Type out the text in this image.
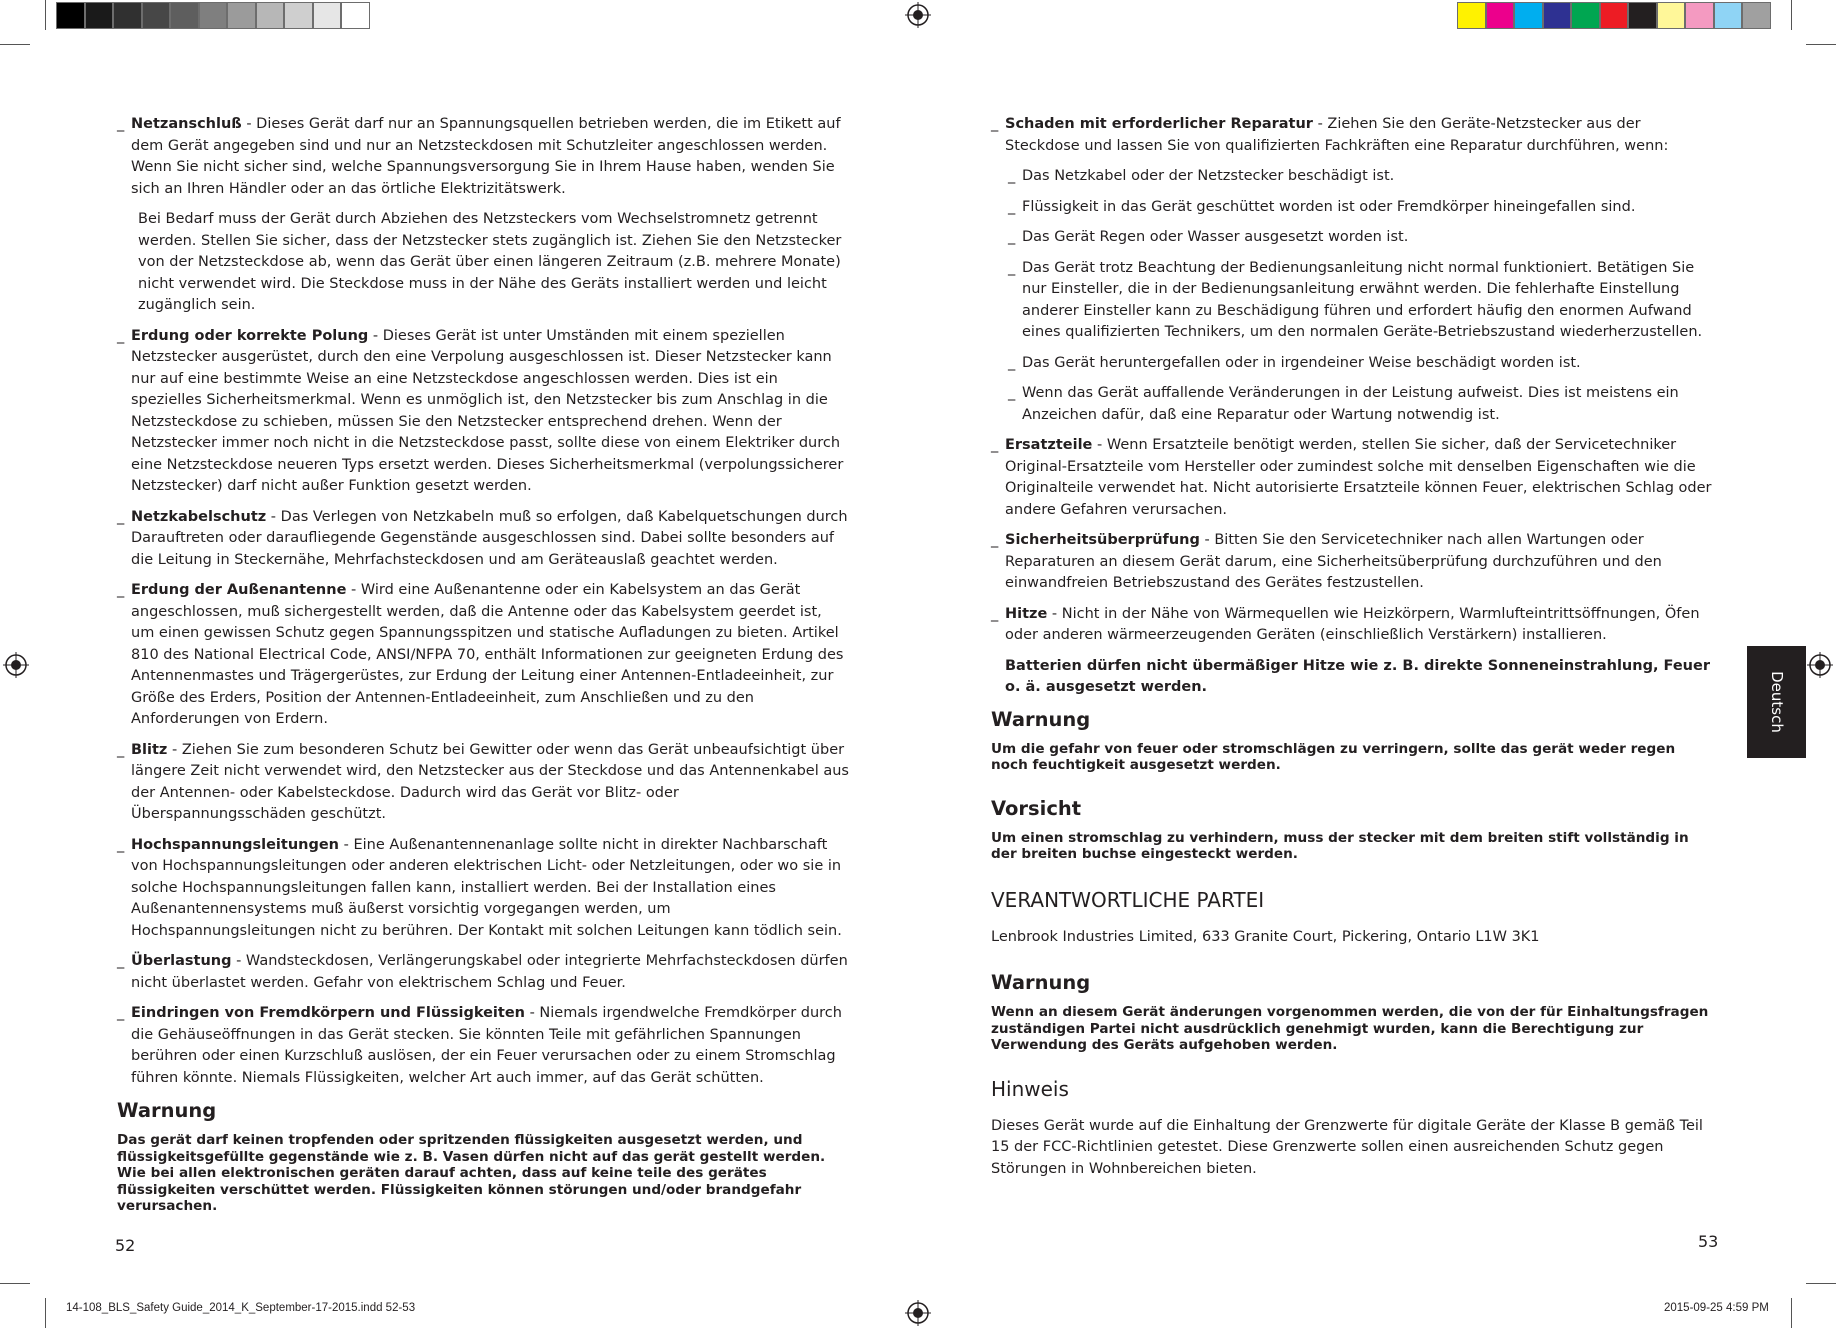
_ Netzanschluß - Dieses Gerät darf nur an Spannungsquellen betrieben werden, die im Etikett auf dem Gerät angegeben sind und nur an Netzsteckdosen mit Schutzleiter angeschlossen werden. Wenn Sie nicht sicher sind, welche Spannungsversorgung Sie in Ihrem Hause haben, wenden Sie sich an Ihren Händler oder an das örtliche Elektrizitätswerk.
Bei Bedarf muss der Gerät durch Abziehen des Netzsteckers vom Wechselstromnetz getrennt werden. Stellen Sie sicher, dass der Netzstecker stets zugänglich ist. Ziehen Sie den Netzstecker von der Netzsteckdose ab, wenn das Gerät über einen längeren Zeitraum (z.B. mehrere Monate) nicht verwendet wird. Die Steckdose muss in der Nähe des Geräts installiert werden und leicht zugänglich sein.
_ Erdung oder korrekte Polung - Dieses Gerät ist unter Umständen mit einem speziellen Netzstecker ausgerüstet, durch den eine Verpolung ausgeschlossen ist. Dieser Netzstecker kann nur auf eine bestimmte Weise an eine Netzsteckdose angeschlossen werden. Dies ist ein spezielles Sicherheitsmerkmal. Wenn es unmöglich ist, den Netzstecker bis zum Anschlag in die Netzsteckdose zu schieben, müssen Sie den Netzstecker entsprechend drehen. Wenn der Netzstecker immer noch nicht in die Netzsteckdose passt, sollte diese von einem Elektriker durch eine Netzsteckdose neueren Typs ersetzt werden. Dieses Sicherheitsmerkmal (verpolungssicherer Netzstecker) darf nicht außer Funktion gesetzt werden.
_ Netzkabelschutz - Das Verlegen von Netzkabeln muß so erfolgen, daß Kabelquetschungen durch Darauftreten oder daraufliegende Gegenstände ausgeschlossen sind. Dabei sollte besonders auf die Leitung in Steckernähe, Mehrfachsteckdosen und am Geräteauslaß geachtet werden.
_ Erdung der Außenantenne - Wird eine Außenantenne oder ein Kabelsystem an das Gerät angeschlossen, muß sichergestellt werden, daß die Antenne oder das Kabelsystem geerdet ist, um einen gewissen Schutz gegen Spannungsspitzen und statische Aufladungen zu bieten. Artikel 810 des National Electrical Code, ANSI/NFPA 70, enthält Informationen zur geeigneten Erdung des Antennenmastes und Trägergerüstes, zur Erdung der Leitung einer Antennen-Entladeeinheit, zur Größe des Erders, Position der Antennen-Entladeeinheit, zum Anschließen und zu den Anforderungen von Erdern.
_ Blitz - Ziehen Sie zum besonderen Schutz bei Gewitter oder wenn das Gerät unbeaufsichtigt über längere Zeit nicht verwendet wird, den Netzstecker aus der Steckdose und das Antennenkabel aus der Antennen- oder Kabelsteckdose. Dadurch wird das Gerät vor Blitz- oder Überspannungsschäden geschützt.
_ Hochspannungsleitungen - Eine Außenantennenanlage sollte nicht in direkter Nachbarschaft von Hochspannungsleitungen oder anderen elektrischen Licht- oder Netzleitungen, oder wo sie in solche Hochspannungsleitungen fallen kann, installiert werden. Bei der Installation eines Außenantennensystems muß äußerst vorsichtig vorgegangen werden, um Hochspannungsleitungen nicht zu berühren. Der Kontakt mit solchen Leitungen kann tödlich sein.
_ Überlastung - Wandsteckdosen, Verlängerungskabel oder integrierte Mehrfachsteckdosen dürfen nicht überlastet werden. Gefahr von elektrischem Schlag und Feuer.
_ Eindringen von Fremdkörpern und Flüssigkeiten - Niemals irgendwelche Fremdkörper durch die Gehäuseöffnungen in das Gerät stecken. Sie könnten Teile mit gefährlichen Spannungen berühren oder einen Kurzschluß auslösen, der ein Feuer verursachen oder zu einem Stromschlag führen könnte. Niemals Flüssigkeiten, welcher Art auch immer, auf das Gerät schütten.
Warnung
Das gerät darf keinen tropfenden oder spritzenden flüssigkeiten ausgesetzt werden, und flüssigkeitsgefüllte gegenstände wie z. B. Vasen dürfen nicht auf das gerät gestellt werden. Wie bei allen elektronischen geräten darauf achten, dass auf keine teile des gerätes flüssigkeiten verschüttet werden. Flüssigkeiten können störungen und/oder brandgefahr verursachen.
52
_ Schaden mit erforderlicher Reparatur - Ziehen Sie den Geräte-Netzstecker aus der Steckdose und lassen Sie von qualifizierten Fachkräften eine Reparatur durchführen, wenn:
_ Das Netzkabel oder der Netzstecker beschädigt ist.
_ Flüssigkeit in das Gerät geschüttet worden ist oder Fremdkörper hineingefallen sind.
_ Das Gerät Regen oder Wasser ausgesetzt worden ist.
_ Das Gerät trotz Beachtung der Bedienungsanleitung nicht normal funktioniert. Betätigen Sie nur Einsteller, die in der Bedienungsanleitung erwähnt werden. Die fehlerhafte Einstellung anderer Einsteller kann zu Beschädigung führen und erfordert häufig den enormen Aufwand eines qualifizierten Technikers, um den normalen Geräte-Betriebszustand wiederherzustellen.
_ Das Gerät heruntergefallen oder in irgendeiner Weise beschädigt worden ist.
_ Wenn das Gerät auffallende Veränderungen in der Leistung aufweist. Dies ist meistens ein Anzeichen dafür, daß eine Reparatur oder Wartung notwendig ist.
_ Ersatzteile - Wenn Ersatzteile benötigt werden, stellen Sie sicher, daß der Servicetechniker Original-Ersatzteile vom Hersteller oder zumindest solche mit denselben Eigenschaften wie die Originalteile verwendet hat. Nicht autorisierte Ersatzteile können Feuer, elektrischen Schlag oder andere Gefahren verursachen.
_ Sicherheitsüberprüfung - Bitten Sie den Servicetechniker nach allen Wartungen oder Reparaturen an diesem Gerät darum, eine Sicherheitsüberprüfung durchzuführen und den einwandfreien Betriebszustand des Gerätes festzustellen.
_ Hitze - Nicht in der Nähe von Wärmequellen wie Heizkörpern, Warmlufteintrittsöffnungen, Öfen oder anderen wärmeerzeugenden Geräten (einschließlich Verstärkern) installieren.
Batterien dürfen nicht übermäßiger Hitze wie z. B. direkte Sonneneinstrahlung, Feuer o. ä. ausgesetzt werden.
Warnung
Um die gefahr von feuer oder stromschlägen zu verringern, sollte das gerät weder regen noch feuchtigkeit ausgesetzt werden.
Vorsicht
Um einen stromschlag zu verhindern, muss der stecker mit dem breiten stift vollständig in der breiten buchse eingesteckt werden.
VERANTWORTLICHE PARTEI
Lenbrook Industries Limited, 633 Granite Court, Pickering, Ontario L1W 3K1
Warnung
Wenn an diesem Gerät änderungen vorgenommen werden, die von der für Einhaltungsfragen zuständigen Partei nicht ausdrücklich genehmigt wurden, kann die Berechtigung zur Verwendung des Geräts aufgehoben werden.
Hinweis
Dieses Gerät wurde auf die Einhaltung der Grenzwerte für digitale Geräte der Klasse B gemäß Teil 15 der FCC-Richtlinien getestet. Diese Grenzwerte sollen einen ausreichenden Schutz gegen Störungen in Wohnbereichen bieten.
53
Deutsch
14-108_BLS_Safety Guide_2014_K_September-17-2015.indd 52-53	2015-09-25 4:59 PM
